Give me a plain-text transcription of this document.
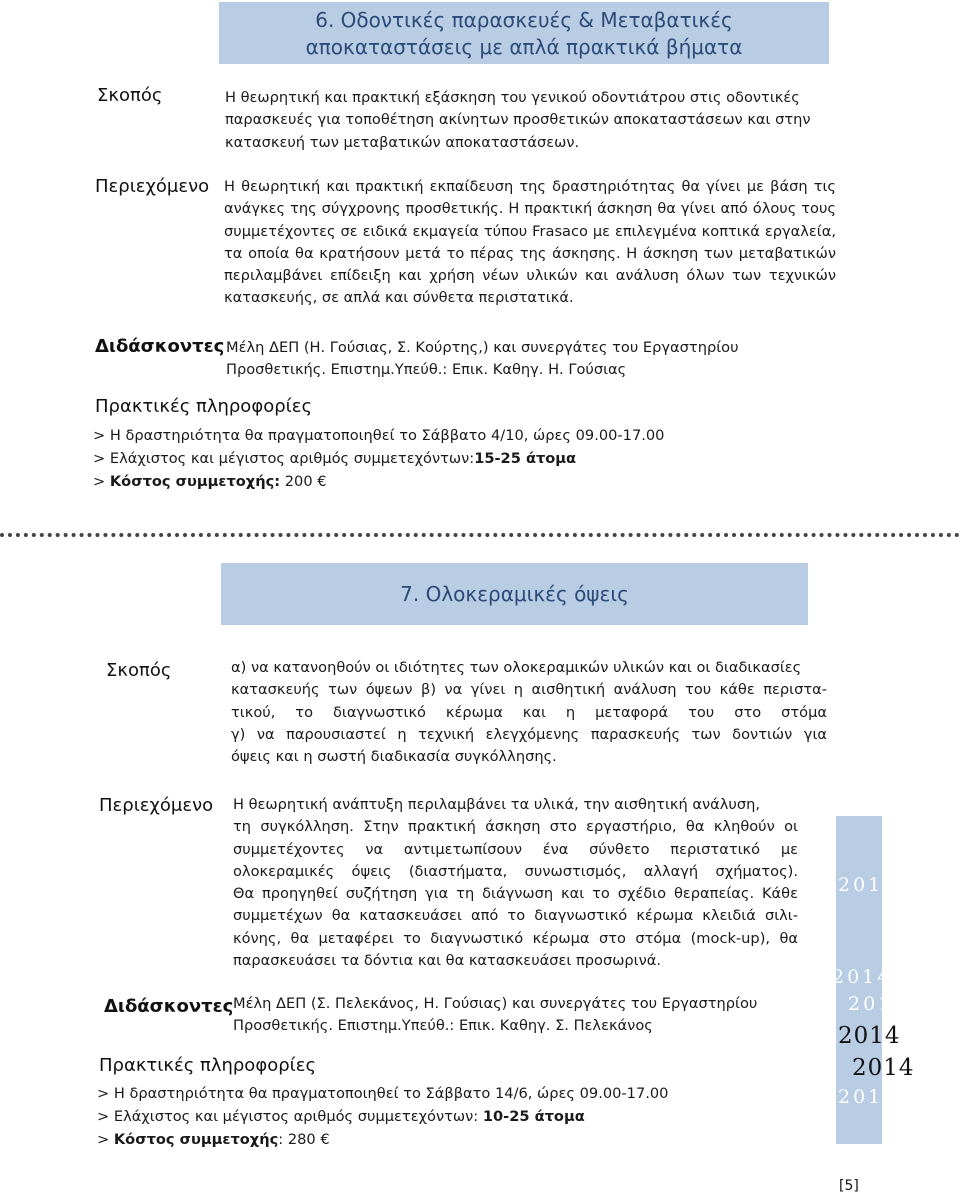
6. Οδοντικές παρασκευές & Μεταβατικές
αποκαταστάσεις με απλά πρακτικά βήματα
Σκοπός	Η θεωρητική και πρακτική εξάσκηση του γενικού οδοντιάτρου στις οδοντικές παρασκευές για τοποθέτηση ακίνητων προσθετικών αποκαταστάσεων και στην κατασκευή των μεταβατικών αποκαταστάσεων.
Περιεχόμενο Η θεωρητική και πρακτική εκπαίδευση της δραστηριότητας θα γίνει με βάση τις ανάγκες της σύγχρονης προσθετικής. Η πρακτική άσκηση θα γίνει από όλους τους συμμετέχοντες σε ειδικά εκμαγεία τύπου Frasaco με επιλεγμένα κοπτικά εργαλεία, τα οποία θα κρατήσουν μετά το πέρας της άσκησης. Η άσκηση των μεταβατικών περιλαμβάνει επίδειξη και χρήση νέων υλικών και ανάλυση όλων των τεχνικών κατασκευής, σε απλά και σύνθετα περιστατικά.
Διδάσκοντες Μέλη ΔΕΠ (Η. Γούσιας, Σ. Κούρτης,) και συνεργάτες του Εργαστηρίου
Προσθετικής. Επιστημ.Υπεύθ.: Επικ. Καθηγ. Η. Γούσιας
Πρακτικές πληροφορίες
> Η δραστηριότητα θα πραγματοποιηθεί το Σάββατο 4/10, ώρες 09.00-17.00
> Ελάχιστος και μέγιστος αριθμός συμμετεχόντων:15-25 άτομα
> Κόστος συμμετοχής: 200 €
7. Ολοκεραμικές όψεις
Σκοπός	α) να κατανοηθούν οι ιδιότητες των ολοκεραμικών υλικών και οι διαδικασίες
κατασκευής των όψεων β) να γίνει η αισθητική ανάλυση του κάθε περιστα-
τικού, το διαγνωστικό κέρωμα και η μεταφορά του στο στόμα
γ) να παρουσιαστεί η τεχνική ελεγχόμενης παρασκευής των δοντιών για
όψεις και η σωστή διαδικασία συγκόλλησης.
Περιεχόμενο Η θεωρητική ανάπτυξη περιλαμβάνει τα υλικά, την αισθητική ανάλυση,
τη συγκόλληση. Στην πρακτική άσκηση στο εργαστήριο, θα κληθούν οι
συμμετέχοντες να αντιμετωπίσουν ένα σύνθετο περιστατικό με
ολοκεραμικές όψεις (διαστήματα, συνωστισμός, αλλαγή σχήματος).
Θα προηγηθεί συζήτηση για τη διάγνωση και το σχέδιο θεραπείας. Κάθε
συμμετέχων θα κατασκευάσει από το διαγνωστικό κέρωμα κλειδιά σιλι-
κόνης, θα μεταφέρει το διαγνωστικό κέρωμα στο στόμα (mock-up), θα
παρασκευάσει τα δόντια και θα κατασκευάσει προσωρινά.
Διδάσκοντες Μέλη ΔΕΠ (Σ. Πελεκάνος, Η. Γούσιας) και συνεργάτες του Εργαστηρίου
Προσθετικής. Επιστημ.Υπεύθ.: Επικ. Καθηγ. Σ. Πελεκάνος
Πρακτικές πληροφορίες
> Η δραστηριότητα θα πραγματοποιηθεί το Σάββατο 14/6, ώρες 09.00-17.00
> Ελάχιστος και μέγιστος αριθμός συμμετεχόντων: 10-25 άτομα
> Κόστος συμμετοχής: 280 €
2014
2014
2014
2014
2014
2014
[5]
